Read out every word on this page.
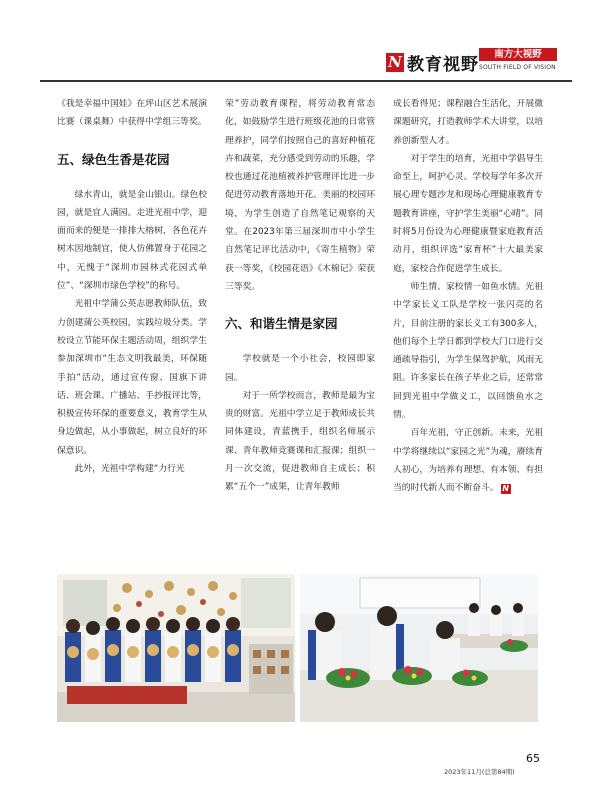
N 教育视野
南方大视野
SOUTH FIELD OF VISION

《我是幸福中国娃》在坪山区艺术展演比赛（课桌舞）中获得中学组三等奖。

五、绿色生香是花园

绿水青山，就是金山银山。绿色校园，就是宜人满园。走进光祖中学，迎面而来的便是一排排大榕树，各色花卉树木因地制宜，使人仿佛置身于花园之中，无愧于“深圳市园林式花园式单位”、“深圳市绿色学校”的称号。

光祖中学蒲公英志愿教师队伍，致力创建蒲公英校园，实践垃圾分类。学校设立节能环保主题活动周，组织学生参加深圳市“生态文明我最美，环保随手拍”活动，通过宣传窗、国旗下讲话、班会课、广播站、手抄报评比等，积极宣传环保的重要意义，教育学生从身边做起，从小事做起，树立良好的环保意识。

此外，光祖中学构建“力行光

荣”劳动教育课程，将劳动教育常态化，如鼓励学生进行班级花池的日常管理养护，同学们按照自己的喜好种植花卉和蔬菜，充分感受到劳动的乐趣，学校也通过花池植被养护管理评比进一步促进劳动教育落地开花。美丽的校园环境，为学生创造了自然笔记观察的天堂。在2023年第三届深圳市中小学生自然笔记评比活动中，《寄生植物》荣获一等奖，《校园花语》《木棉记》荣获三等奖。

六、和谐生情是家园

学校就是一个小社会，校园即家园。

对于一所学校而言，教师是最为宝贵的财富。光祖中学立足于教师成长共同体建设，青蓝携手，组织名师展示课、青年教师竞赛课和汇报课；组织一月一次交流，促进教师自主成长；积累“五个一”成果，让青年教师

成长看得见；课程融合生活化，开展微课题研究，打造教师学术大讲堂，以培养创新型人才。

对于学生的培育，光祖中学倡导生命至上，呵护心灵。学校每学年多次开展心理专题沙龙和现场心理健康教育专题教育讲座，守护学生美丽“心晴”。同时将5月份设为心理健康暨家庭教育活动月，组织评选“家育杯”十大最美家庭，家校合作促进学生成长。

师生情、家校情一如鱼水情。光祖中学家长义工队是学校一张闪亮的名片，目前注册的家长义工有300多人，他们每个上学日都到学校大门口进行交通疏导指引，为学生保驾护航，风雨无阻。许多家长在孩子毕业之后，还常常回到光祖中学做义工，以回馈鱼水之情。

百年光祖，守正创新。未来，光祖中学将继续以“家园之光”为魂，赓续育人初心，为培养有理想、有本领、有担当的时代新人而不断奋斗。 N

65
2023年11月(总第84期)
